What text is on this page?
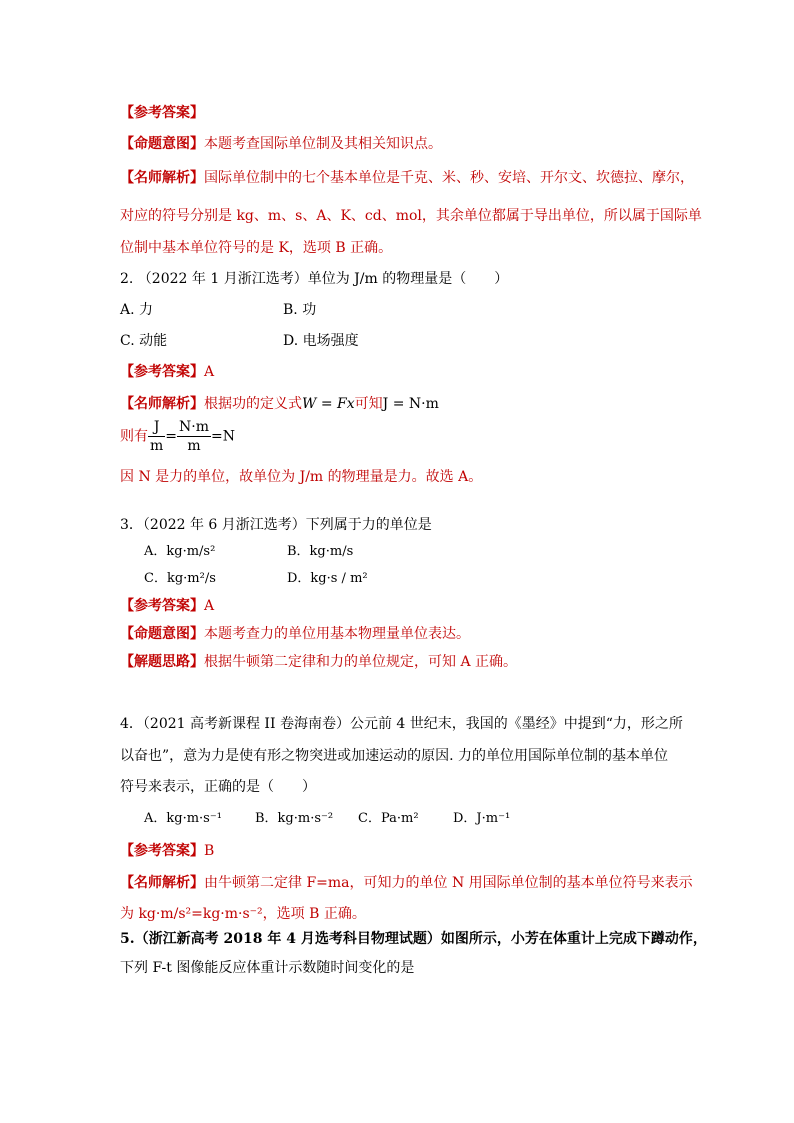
【参考答案】
【命题意图】本题考查国际单位制及其相关知识点。
【名师解析】国际单位制中的七个基本单位是千克、米、秒、安培、开尔文、坎德拉、摩尔，
对应的符号分别是 kg、m、s、A、K、cd、mol，其余单位都属于导出单位，所以属于国际单
位制中基本单位符号的是 K，选项 B 正确。
2. （2022 年 1 月浙江选考）单位为 J/m 的物理量是（　　）
A. 力	B. 功
C. 动能	D. 电场强度
【参考答案】A
【名师解析】根据功的定义式W = Fx可知J = N·m
则有 $\frac{J}{m} = \frac{N\cdot m}{m} =N$
因 N 是力的单位，故单位为 J/m 的物理量是力。故选 A。
3．（2022 年 6 月浙江选考）下列属于力的单位是
A．kg·m/s²	B．kg·m/s
C．kg·m²/s	D．kg·s / m²
【参考答案】A
【命题意图】本题考查力的单位用基本物理量单位表达。
【解题思路】根据牛顿第二定律和力的单位规定，可知 A 正确。
4．（2021 高考新课程 II 卷海南卷）公元前 4 世纪末，我国的《墨经》中提到“力，形之所
以奋也”，意为力是使有形之物突进或加速运动的原因. 力的单位用国际单位制的基本单位
符号来表示，正确的是（　　）
A．kg·m·s⁻¹	B．kg·m·s⁻² C．Pa·m²	D．J·m⁻¹
【参考答案】B
【名师解析】由牛顿第二定律 F=ma，可知力的单位 N 用国际单位制的基本单位符号来表示
为 kg·m/s²=kg·m·s⁻²，选项 B 正确。
5.（浙江新高考 2018 年 4 月选考科目物理试题）如图所示，小芳在体重计上完成下蹲动作，
下列 F-t 图像能反应体重计示数随时间变化的是
